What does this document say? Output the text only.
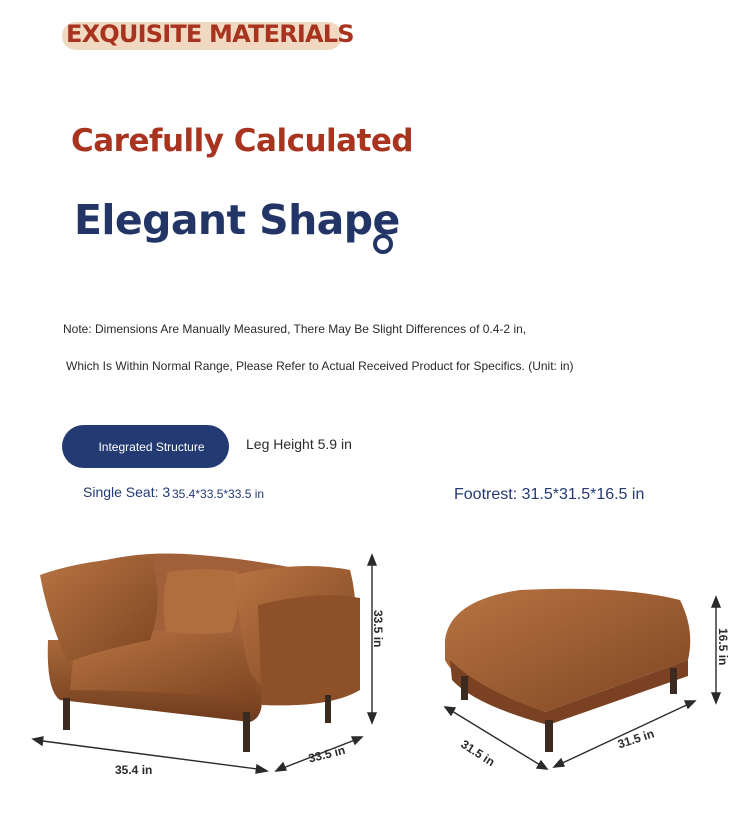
EXQUISITE MATERIALS
Carefully Calculated
Elegant Shape
Note: Dimensions Are Manually Measured, There May Be Slight Differences of 0.4-2 in,
Which Is Within Normal Range, Please Refer to Actual Received Product for Specifics. (Unit: in)
Integrated Structure	Leg Height 5.9 in
Single Seat: 3 35.4*33.5*33.5 in	Footrest: 31.5*31.5*16.5 in
35.4 in
33.5 in
33.5 in
31.5 in	31.5 in
16.5 in
